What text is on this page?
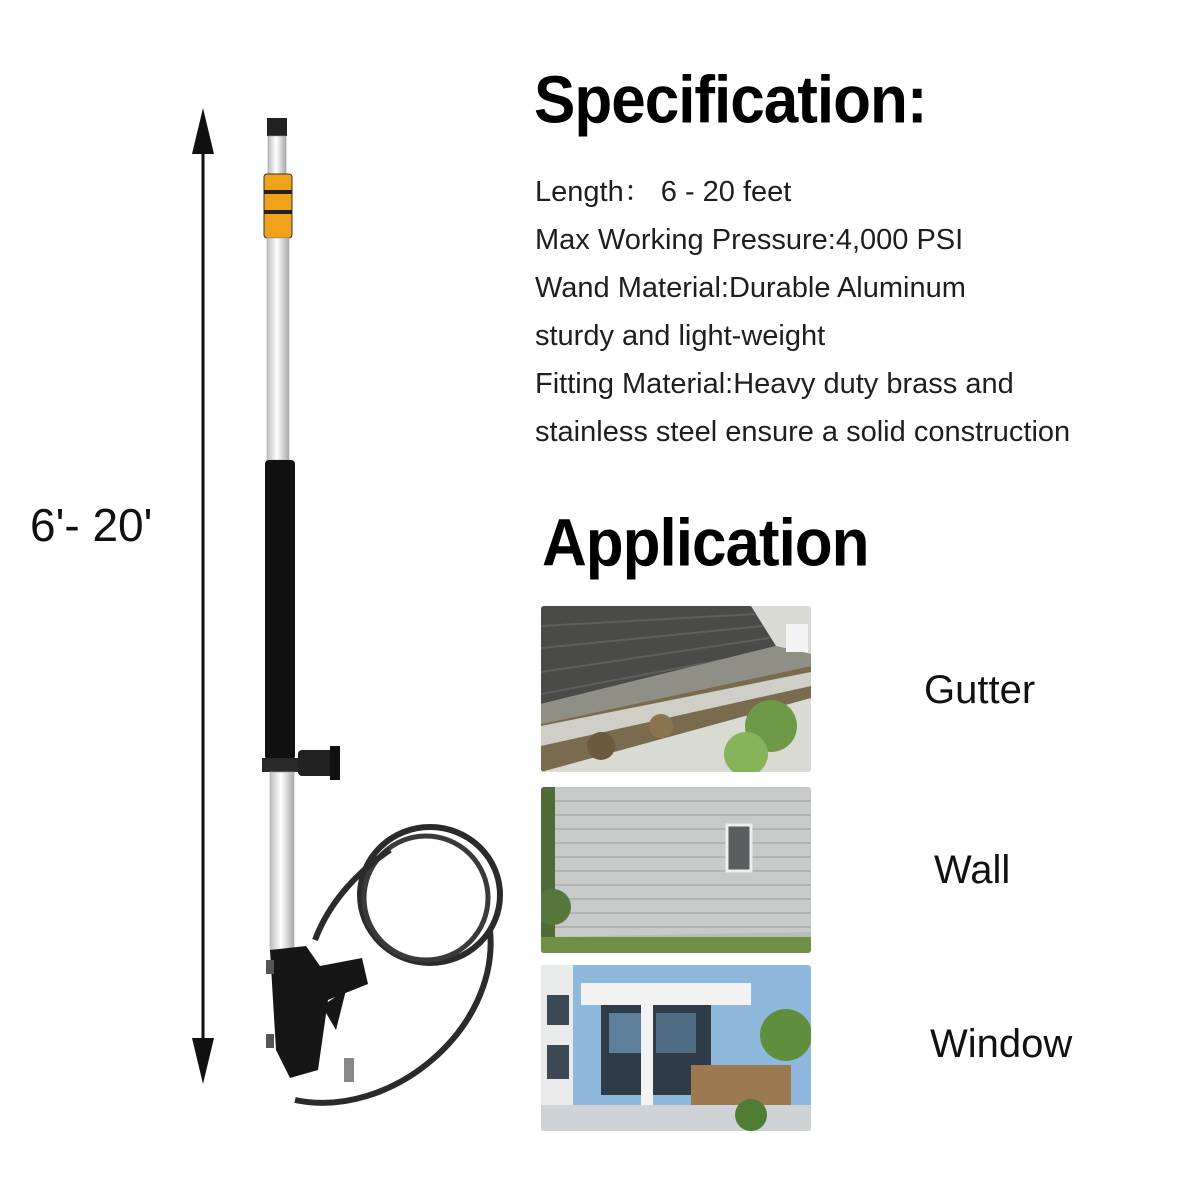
6'- 20'
Specification:
Length： 6 - 20 feet
Max Working Pressure:4,000 PSI
Wand Material:Durable Aluminum
sturdy and light-weight
Fitting Material:Heavy duty brass and
stainless steel ensure a solid construction
Application
Gutter
Wall
Window
